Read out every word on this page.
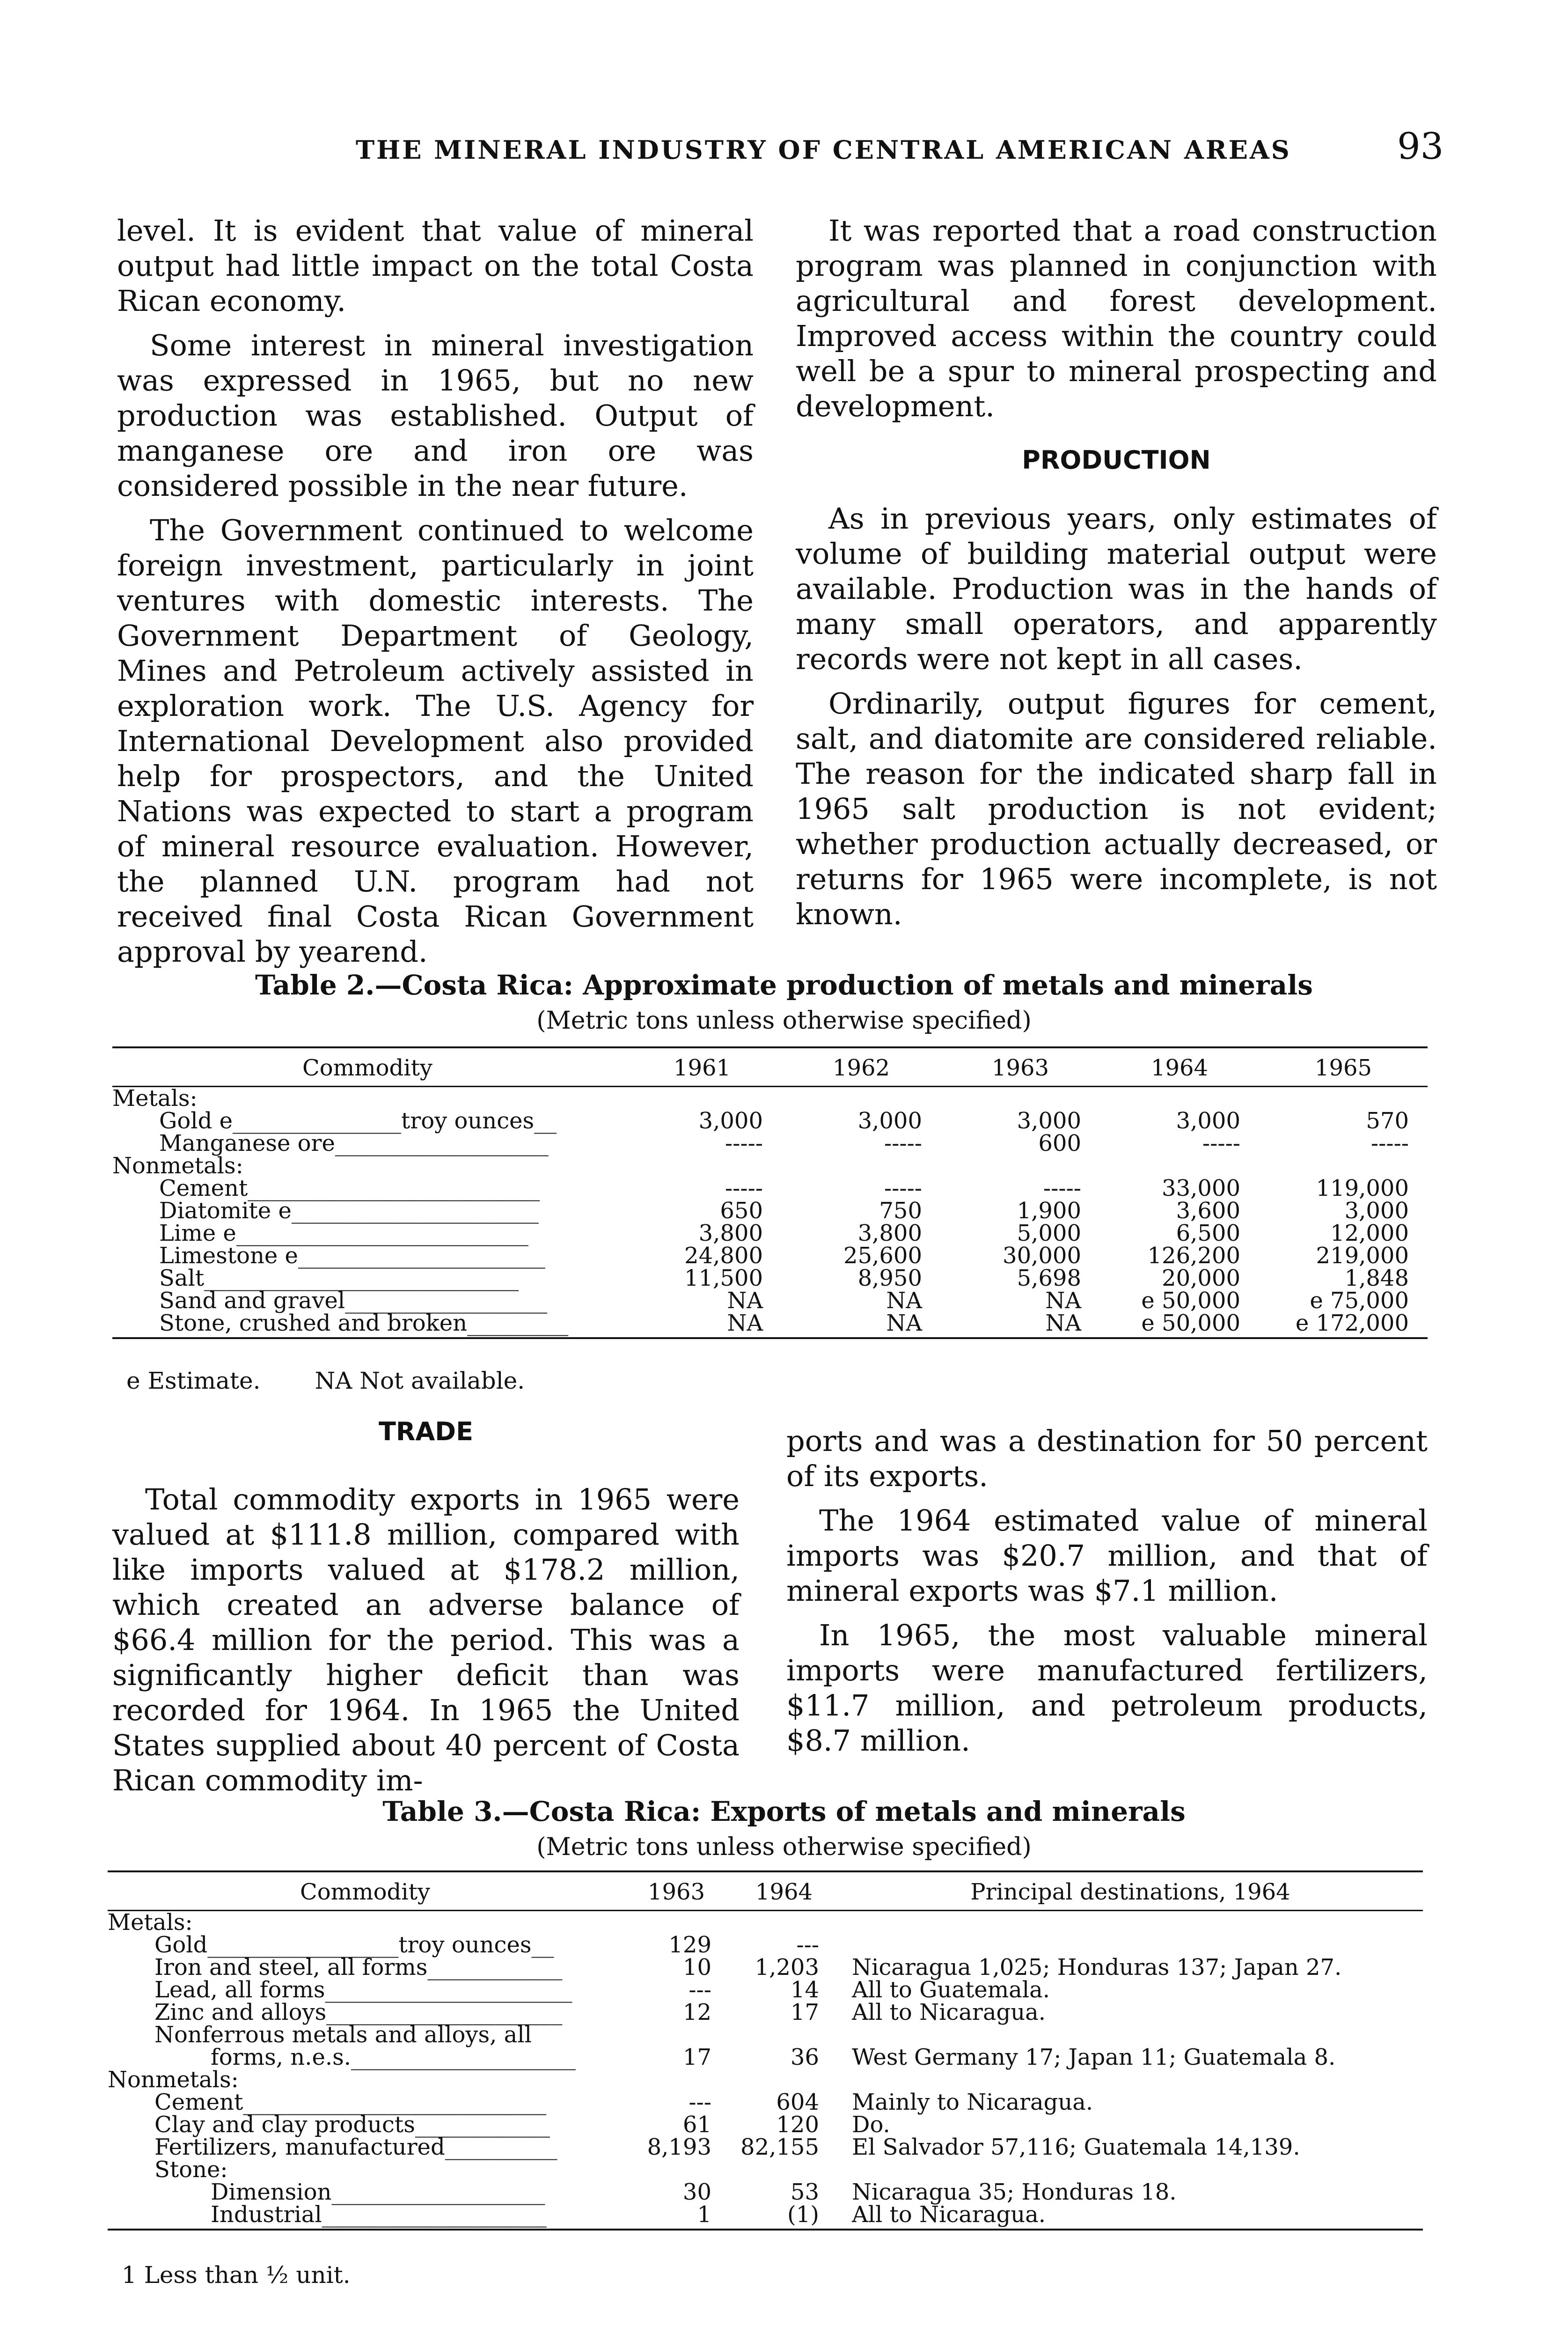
THE MINERAL INDUSTRY OF CENTRAL AMERICAN AREAS	93

level. It is evident that value of mineral output had little impact on the total Costa Rican economy.

Some interest in mineral investigation was expressed in 1965, but no new production was established. Output of manganese ore and iron ore was considered possible in the near future.

The Government continued to welcome foreign investment, particularly in joint ventures with domestic interests. The Government Department of Geology, Mines and Petroleum actively assisted in exploration work. The U.S. Agency for International Development also provided help for prospectors, and the United Nations was expected to start a program of mineral resource evaluation. However, the planned U.N. program had not received final Costa Rican Government approval by yearend.

It was reported that a road construction program was planned in conjunction with agricultural and forest development. Improved access within the country could well be a spur to mineral prospecting and development.

PRODUCTION

As in previous years, only estimates of volume of building material output were available. Production was in the hands of many small operators, and apparently records were not kept in all cases.

Ordinarily, output figures for cement, salt, and diatomite are considered reliable. The reason for the indicated sharp fall in 1965 salt production is not evident; whether production actually decreased, or returns for 1965 were incomplete, is not known.

Table 2.—Costa Rica: Approximate production of metals and minerals
(Metric tons unless otherwise specified)
Commodity	1961	1962	1963	1964	1965
Metals:					
Gold e_______________troy ounces__	3,000	3,000	3,000	3,000	570
Manganese ore___________________	-----	-----	600	-----	-----
Nonmetals:					
Cement__________________________	-----	-----	-----	33,000	119,000
Diatomite e______________________	650	750	1,900	3,600	3,000
Lime e__________________________	3,800	3,800	5,000	6,500	12,000
Limestone e______________________	24,800	25,600	30,000	126,200	219,000
Salt____________________________	11,500	8,950	5,698	20,000	1,848
Sand and gravel__________________	NA	NA	NA	e 50,000	e 75,000
Stone, crushed and broken_________	NA	NA	NA	e 50,000	e 172,000
e Estimate. NA Not available.
TRADE

Total commodity exports in 1965 were valued at $111.8 million, compared with like imports valued at $178.2 million, which created an adverse balance of $66.4 million for the period. This was a significantly higher deficit than was recorded for 1964. In 1965 the United States supplied about 40 percent of Costa Rican commodity im-

ports and was a destination for 50 percent of its exports.

The 1964 estimated value of mineral imports was $20.7 million, and that of mineral exports was $7.1 million.

In 1965, the most valuable mineral imports were manufactured fertilizers, $11.7 million, and petroleum products, $8.7 million.

Table 3.—Costa Rica: Exports of metals and minerals
(Metric tons unless otherwise specified)
Commodity	1963	1964	Principal destinations, 1964
Metals:			
Gold_________________troy ounces__	129	---	
Iron and steel, all forms____________	10	1,203	Nicaragua 1,025; Honduras 137; Japan 27.
Lead, all forms______________________	---	14	All to Guatemala.
Zinc and alloys_____________________	12	17	All to Nicaragua.
Nonferrous metals and alloys, all			
forms, n.e.s.____________________	17	36	West Germany 17; Japan 11; Guatemala 8.
Nonmetals:			
Cement___________________________	---	604	Mainly to Nicaragua.
Clay and clay products____________	61	120	Do.
Fertilizers, manufactured__________	8,193	82,155	El Salvador 57,116; Guatemala 14,139.
Stone:			
Dimension___________________	30	53	Nicaragua 35; Honduras 18.
Industrial____________________	1	(1)	All to Nicaragua.
1 Less than ½ unit.
